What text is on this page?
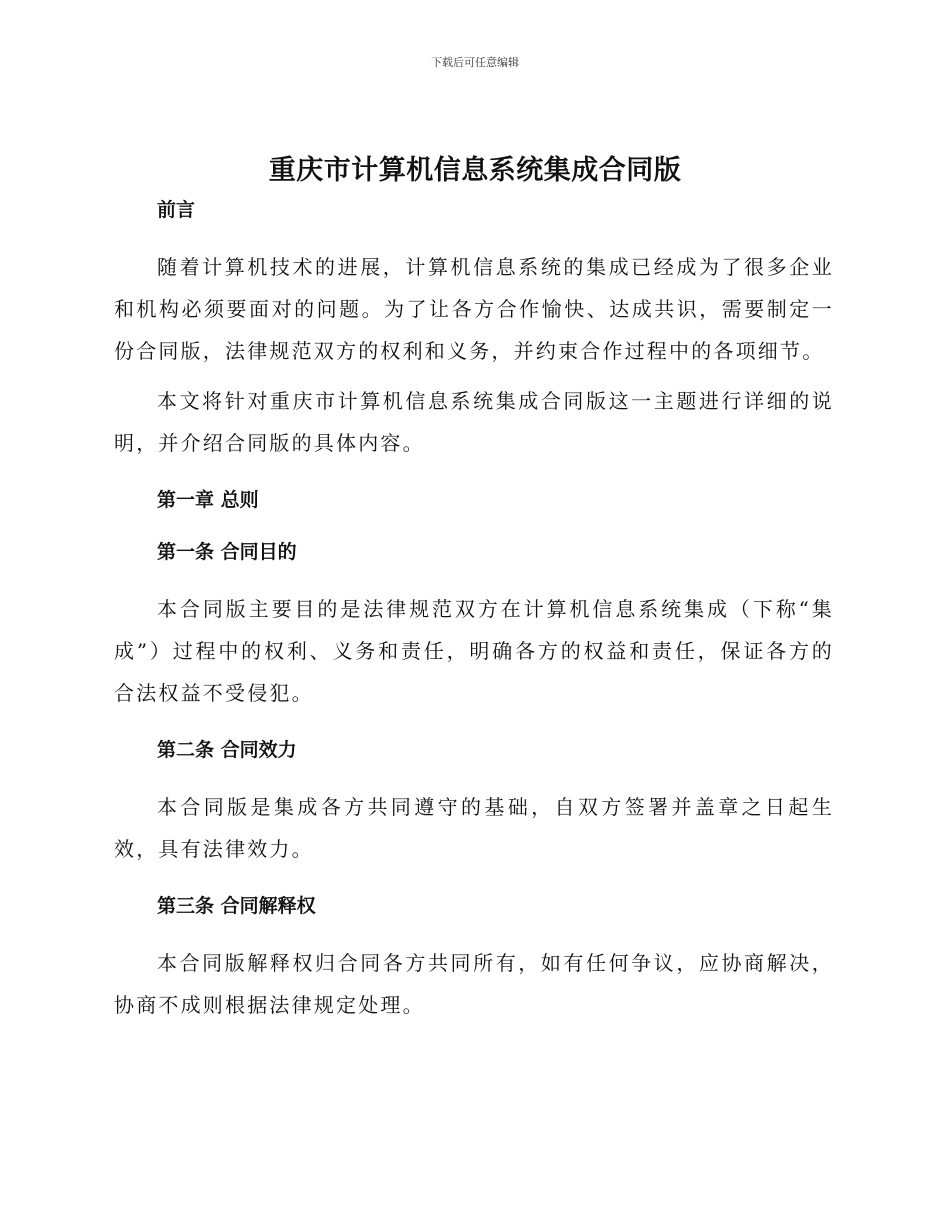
下载后可任意编辑
重庆市计算机信息系统集成合同版
前言
随着计算机技术的进展，计算机信息系统的集成已经成为了很多企业和机构必须要面对的问题。为了让各方合作愉快、达成共识，需要制定一份合同版，法律规范双方的权利和义务，并约束合作过程中的各项细节。
本文将针对重庆市计算机信息系统集成合同版这一主题进行详细的说明，并介绍合同版的具体内容。
第一章 总则
第一条 合同目的
本合同版主要目的是法律规范双方在计算机信息系统集成（下称“集成”）过程中的权利、义务和责任，明确各方的权益和责任，保证各方的合法权益不受侵犯。
第二条 合同效力
本合同版是集成各方共同遵守的基础，自双方签署并盖章之日起生效，具有法律效力。
第三条 合同解释权
本合同版解释权归合同各方共同所有，如有任何争议，应协商解决，协商不成则根据法律规定处理。
